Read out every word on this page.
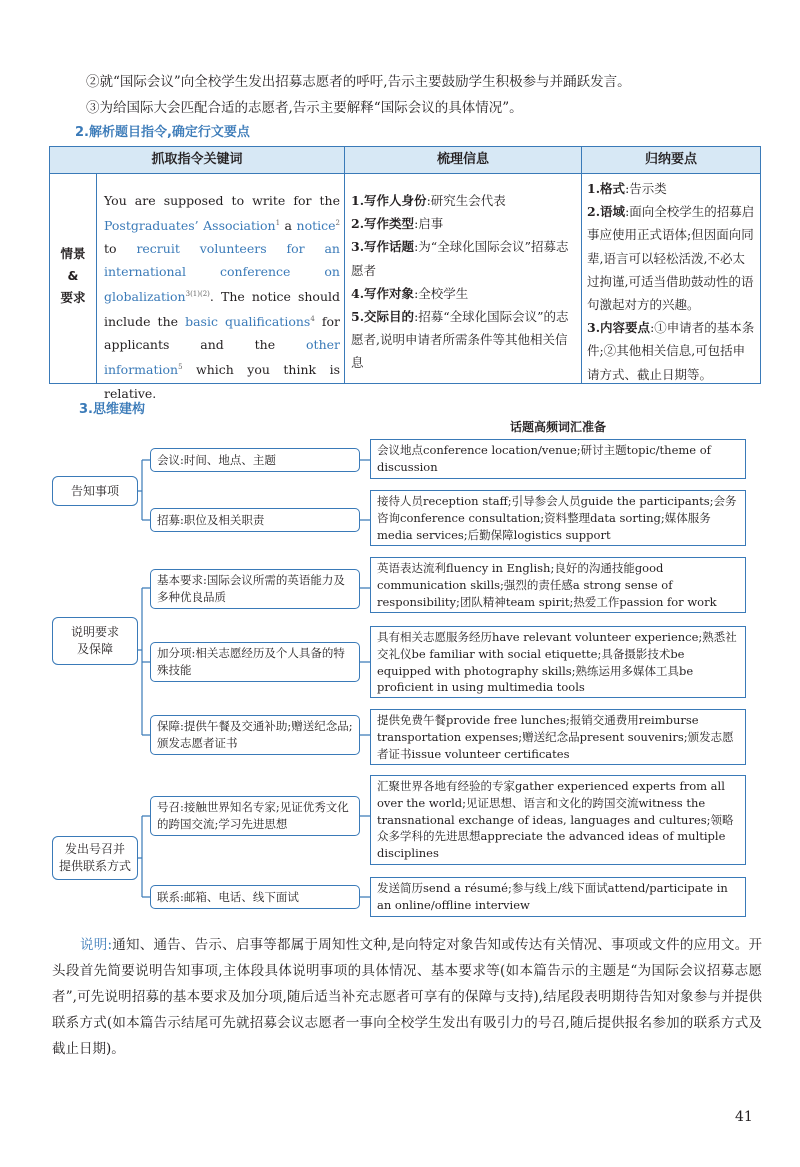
②就“国际会议”向全校学生发出招募志愿者的呼吁,告示主要鼓励学生积极参与并踊跃发言。
③为给国际大会匹配合适的志愿者,告示主要解释“国际会议的具体情况”。
2.解析题目指令,确定行文要点
抓取指令关键词	梳理信息	归纳要点
情景
&
要求
You are supposed to write for the Postgraduates’ Association$^1$ a notice$^2$ to recruit volunteers for an international conference on globalization$^{3(1)(2)}$. The notice should include the basic qualifications$^4$ for applicants and the other information$^5$ which you think is relative.
1.写作人身份:研究生会代表
2.写作类型:启事
3.写作话题:为“全球化国际会议”招募志愿者
4.写作对象:全校学生
5.交际目的:招募“全球化国际会议”的志愿者,说明申请者所需条件等其他相关信息
1.格式:告示类
2.语域:面向全校学生的招募启事应使用正式语体;但因面向同辈,语言可以轻松活泼,不必太过拘谨,可适当借助鼓动性的语句激起对方的兴趣。
3.内容要点:①申请者的基本条件;②其他相关信息,可包括申请方式、截止日期等。
3.思维建构
话题高频词汇准备
告知事项
说明要求
及保障
发出号召并
提供联系方式
会议:时间、地点、主题
招募:职位及相关职责
基本要求:国际会议所需的英语能力及多种优良品质
加分项:相关志愿经历及个人具备的特殊技能
保障:提供午餐及交通补助;赠送纪念品;颁发志愿者证书
号召:接触世界知名专家;见证优秀文化的跨国交流;学习先进思想
联系:邮箱、电话、线下面试
会议地点conference location/venue;研讨主题topic/theme of discussion
接待人员reception staff;引导参会人员guide the participants;会务咨询conference consultation;资料整理data sorting;媒体服务media services;后勤保障logistics support
英语表达流利fluency in English;良好的沟通技能good communication skills;强烈的责任感a strong sense of responsibility;团队精神team spirit;热爱工作passion for work
具有相关志愿服务经历have relevant volunteer experience;熟悉社交礼仪be familiar with social etiquette;具备摄影技术be equipped with photography skills;熟练运用多媒体工具be proficient in using multimedia tools
提供免费午餐provide free lunches;报销交通费用reimburse transportation expenses;赠送纪念品present souvenirs;颁发志愿者证书issue volunteer certificates
汇聚世界各地有经验的专家gather experienced experts from all over the world;见证思想、语言和文化的跨国交流witness the transnational exchange of ideas, languages and cultures;领略众多学科的先进思想appreciate the advanced ideas of multiple disciplines
发送简历send a résumé;参与线上/线下面试attend/participate in an online/offline interview
说明:通知、通告、告示、启事等都属于周知性文种,是向特定对象告知或传达有关情况、事项或文件的应用文。开头段首先简要说明告知事项,主体段具体说明事项的具体情况、基本要求等(如本篇告示的主题是“为国际会议招募志愿者”,可先说明招募的基本要求及加分项,随后适当补充志愿者可享有的保障与支持),结尾段表明期待告知对象参与并提供联系方式(如本篇告示结尾可先就招募会议志愿者一事向全校学生发出有吸引力的号召,随后提供报名参加的联系方式及截止日期)。
41
